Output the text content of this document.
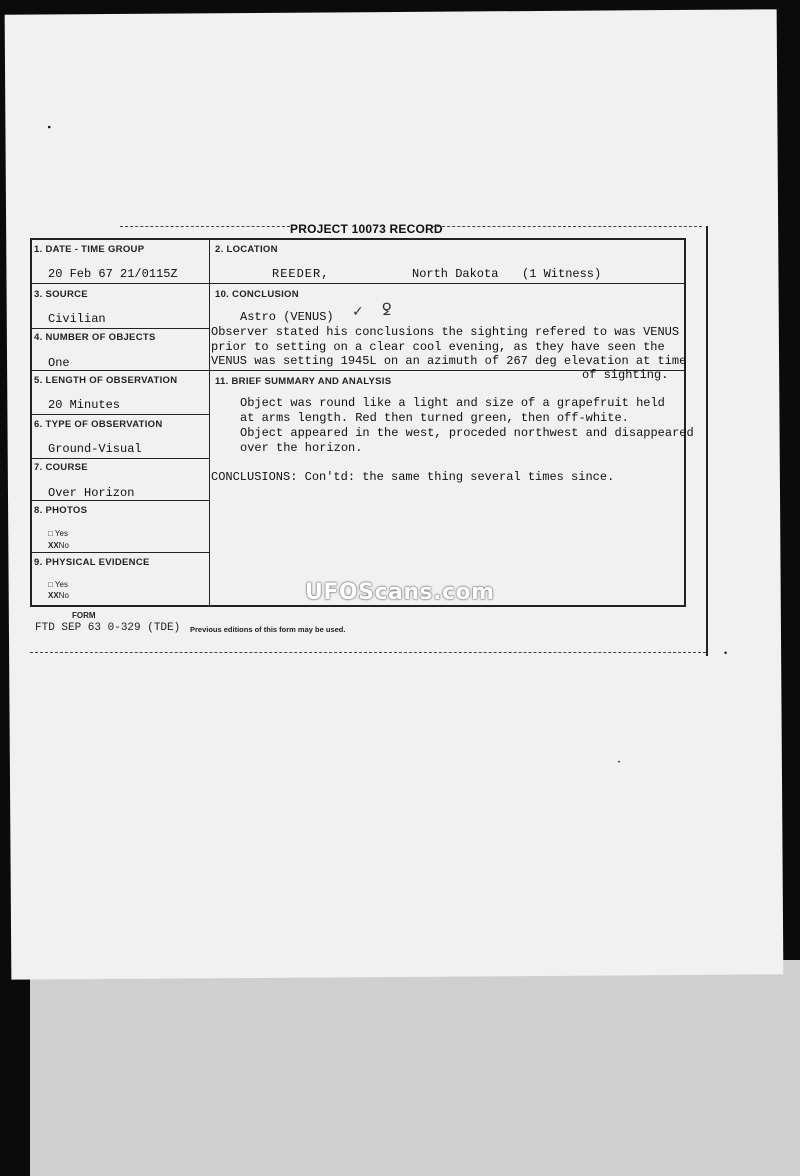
•
PROJECT 10073 RECORD
1. DATE - TIME GROUP
20 Feb 67 21/0115Z
2. LOCATION
REEDER,	North Dakota (1 Witness)
3. SOURCE
Civilian
10. CONCLUSION
Astro (VENUS) ✓ ꝿ
Observer stated his conclusions the sighting refered to was VENUS
prior to setting on a clear cool evening, as they have seen the
VENUS was setting 1945L on an azimuth of 267 deg elevation at time
of sighting.
4. NUMBER OF OBJECTS
One
5. LENGTH OF OBSERVATION
20 Minutes
11. BRIEF SUMMARY AND ANALYSIS
Object was round like a light and size of a grapefruit held
at arms length. Red then turned green, then off-white.
Object appeared in the west, proceded northwest and disappeared
over the horizon.
CONCLUSIONS: Con'td: the same thing several times since.
6. TYPE OF OBSERVATION
Ground-Visual
7. COURSE
Over Horizon
8. PHOTOS
□ Yes
XXNo
9. PHYSICAL EVIDENCE
□ Yes
XXNo	UFOScans.com
FORM
FTD SEP 63 0-329 (TDE) Previous editions of this form may be used.
•
•
